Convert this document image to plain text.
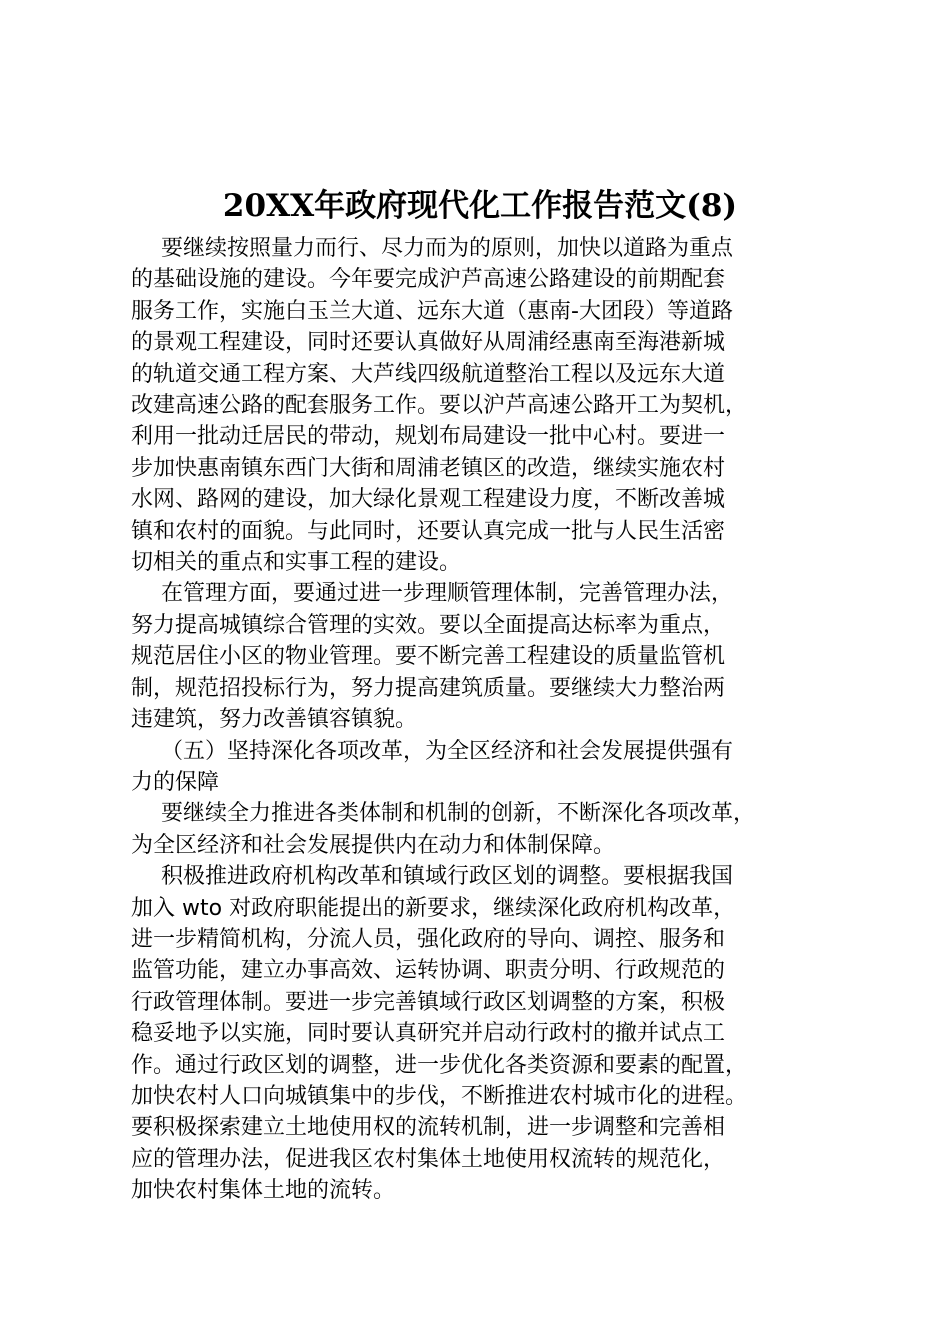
20XX年政府现代化工作报告范文(8)

要继续按照量力而行、尽力而为的原则，加快以道路为重点
的基础设施的建设。今年要完成沪芦高速公路建设的前期配套
服务工作，实施白玉兰大道、远东大道（惠南-大团段）等道路
的景观工程建设，同时还要认真做好从周浦经惠南至海港新城
的轨道交通工程方案、大芦线四级航道整治工程以及远东大道
改建高速公路的配套服务工作。要以沪芦高速公路开工为契机，
利用一批动迁居民的带动，规划布局建设一批中心村。要进一
步加快惠南镇东西门大街和周浦老镇区的改造，继续实施农村
水网、路网的建设，加大绿化景观工程建设力度，不断改善城
镇和农村的面貌。与此同时，还要认真完成一批与人民生活密
切相关的重点和实事工程的建设。

在管理方面，要通过进一步理顺管理体制，完善管理办法，
努力提高城镇综合管理的实效。要以全面提高达标率为重点，
规范居住小区的物业管理。要不断完善工程建设的质量监管机
制，规范招投标行为，努力提高建筑质量。要继续大力整治两
违建筑，努力改善镇容镇貌。

（五）坚持深化各项改革，为全区经济和社会发展提供强有
力的保障

要继续全力推进各类体制和机制的创新，不断深化各项改革，
为全区经济和社会发展提供内在动力和体制保障。

积极推进政府机构改革和镇域行政区划的调整。要根据我国
加入 wto 对政府职能提出的新要求，继续深化政府机构改革，
进一步精简机构，分流人员，强化政府的导向、调控、服务和
监管功能，建立办事高效、运转协调、职责分明、行政规范的
行政管理体制。要进一步完善镇域行政区划调整的方案，积极
稳妥地予以实施，同时要认真研究并启动行政村的撤并试点工
作。通过行政区划的调整，进一步优化各类资源和要素的配置，
加快农村人口向城镇集中的步伐，不断推进农村城市化的进程。
要积极探索建立土地使用权的流转机制，进一步调整和完善相
应的管理办法，促进我区农村集体土地使用权流转的规范化，
加快农村集体土地的流转。
